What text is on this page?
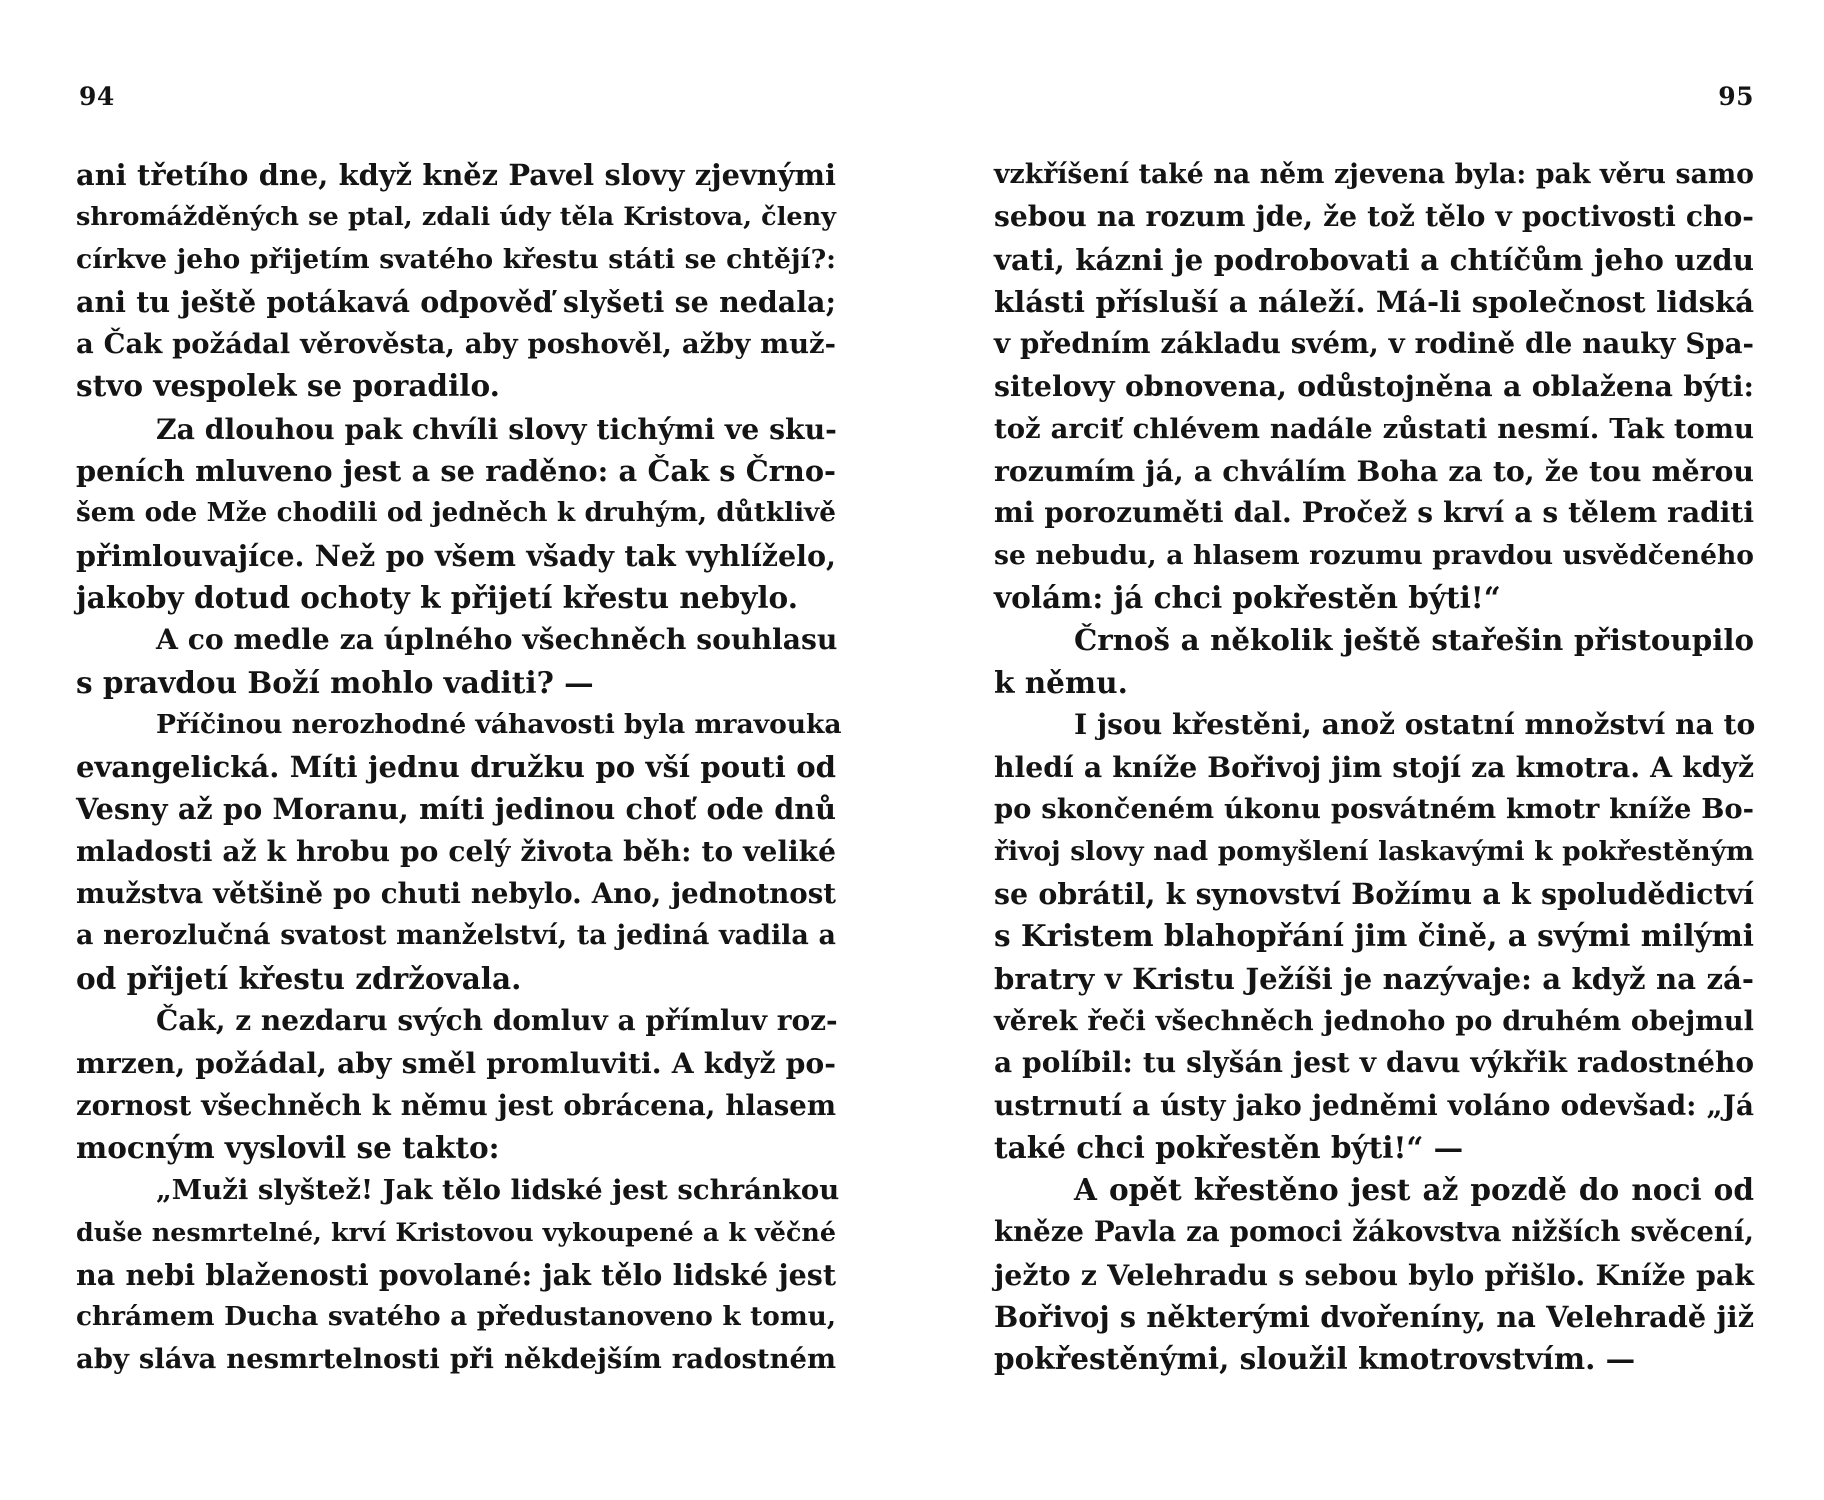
94
ani třetího dne, když kněz Pavel slovy zjevnými
shromážděných se ptal, zdali údy těla Kristova, členy
církve jeho přijetím svatého křestu státi se chtějí?:
ani tu ještě potákavá odpověď slyšeti se nedala;
a Čak požádal věrověsta, aby poshověl, ažby muž-
stvo vespolek se poradilo.
Za dlouhou pak chvíli slovy tichými ve sku-
peních mluveno jest a se raděno: a Čak s Črno-
šem ode Mže chodili od jedněch k druhým, důtklivě
přimlouvajíce. Než po všem všady tak vyhlíželo,
jakoby dotud ochoty k přijetí křestu nebylo.
A co medle za úplného všechněch souhlasu
s pravdou Boží mohlo vaditi? —
Příčinou nerozhodné váhavosti byla mravouka
evangelická. Míti jednu družku po vší pouti od
Vesny až po Moranu, míti jedinou choť ode dnů
mladosti až k hrobu po celý života běh: to veliké
mužstva většině po chuti nebylo. Ano, jednotnost
a nerozlučná svatost manželství, ta jediná vadila a
od přijetí křestu zdržovala.
Čak, z nezdaru svých domluv a přímluv roz-
mrzen, požádal, aby směl promluviti. A když po-
zornost všechněch k němu jest obrácena, hlasem
mocným vyslovil se takto:
„Muži slyštež! Jak tělo lidské jest schránkou
duše nesmrtelné, krví Kristovou vykoupené a k věčné
na nebi blaženosti povolané: jak tělo lidské jest
chrámem Ducha svatého a předustanoveno k tomu,
aby sláva nesmrtelnosti při někdejším radostném
95
vzkříšení také na něm zjevena byla: pak věru samo
sebou na rozum jde, že tož tělo v poctivosti cho-
vati, kázni je podrobovati a chtíčům jeho uzdu
klásti přísluší a náleží. Má-li společnost lidská
v předním základu svém, v rodině dle nauky Spa-
sitelovy obnovena, odůstojněna a oblažena býti:
tož arciť chlévem nadále zůstati nesmí. Tak tomu
rozumím já, a chválím Boha za to, že tou měrou
mi porozuměti dal. Pročež s krví a s tělem raditi
se nebudu, a hlasem rozumu pravdou usvědčeného
volám: já chci pokřestěn býti!“
Črnoš a několik ještě stařešin přistoupilo
k němu.
I jsou křestěni, anož ostatní množství na to
hledí a kníže Bořivoj jim stojí za kmotra. A když
po skončeném úkonu posvátném kmotr kníže Bo-
řivoj slovy nad pomyšlení laskavými k pokřestěným
se obrátil, k synovství Božímu a k spoludědictví
s Kristem blahopřání jim čině, a svými milými
bratry v Kristu Ježíši je nazývaje: a když na zá-
věrek řeči všechněch jednoho po druhém obejmul
a políbil: tu slyšán jest v davu výkřik radostného
ustrnutí a ústy jako jedněmi voláno odevšad: „Já
také chci pokřestěn býti!“ —
A opět křestěno jest až pozdě do noci od
kněze Pavla za pomoci žákovstva nižších svěcení,
ježto z Velehradu s sebou bylo přišlo. Kníže pak
Bořivoj s některými dvořeníny, na Velehradě již
pokřestěnými, sloužil kmotrovstvím. —
